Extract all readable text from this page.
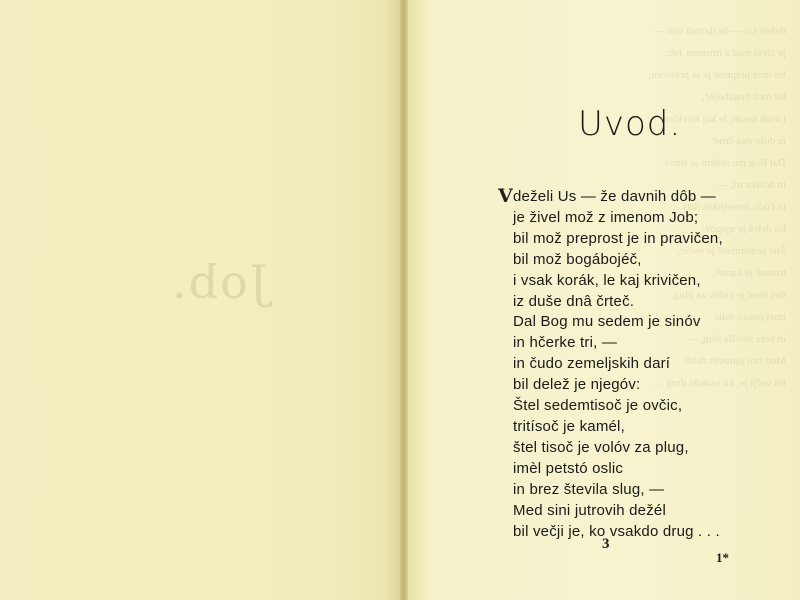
Job.
deželi Us — že davnih dôb —
je živel mož z imenom Job;
bil mož preprost je in pravičen,
bil mož bogábojéč,
i vsak korák, le kaj krivičen,
iz duše dnâ črteč.
Dal Bog mu sedem je sinóv
in hčerke tri, —
in čudo zemeljskih darí
bil delež je njegóv:
Štel sedemtisoč je ovčic,
tritísoč je kamél,
štel tisoč je volóv za plug,
imèl petstó oslic
in brez števila slug, —
Med sini jutrovih dežél
bil večji je, ko vsakdo drug . . .
Uvod.
Vdeželi Us — že davnih dôb —
je živel mož z imenom Job;
bil mož preprost je in pravičen,
bil mož bogábojéč,
i vsak korák, le kaj krivičen,
iz duše dnâ črteč.
Dal Bog mu sedem je sinóv
in hčerke tri, —
in čudo zemeljskih darí
bil delež je njegóv:
Štel sedemtisoč je ovčic,
tritísoč je kamél,
štel tisoč je volóv za plug,
imèl petstó oslic
in brez števila slug, —
Med sini jutrovih dežél
bil večji je, ko vsakdo drug . . .
3
1*
